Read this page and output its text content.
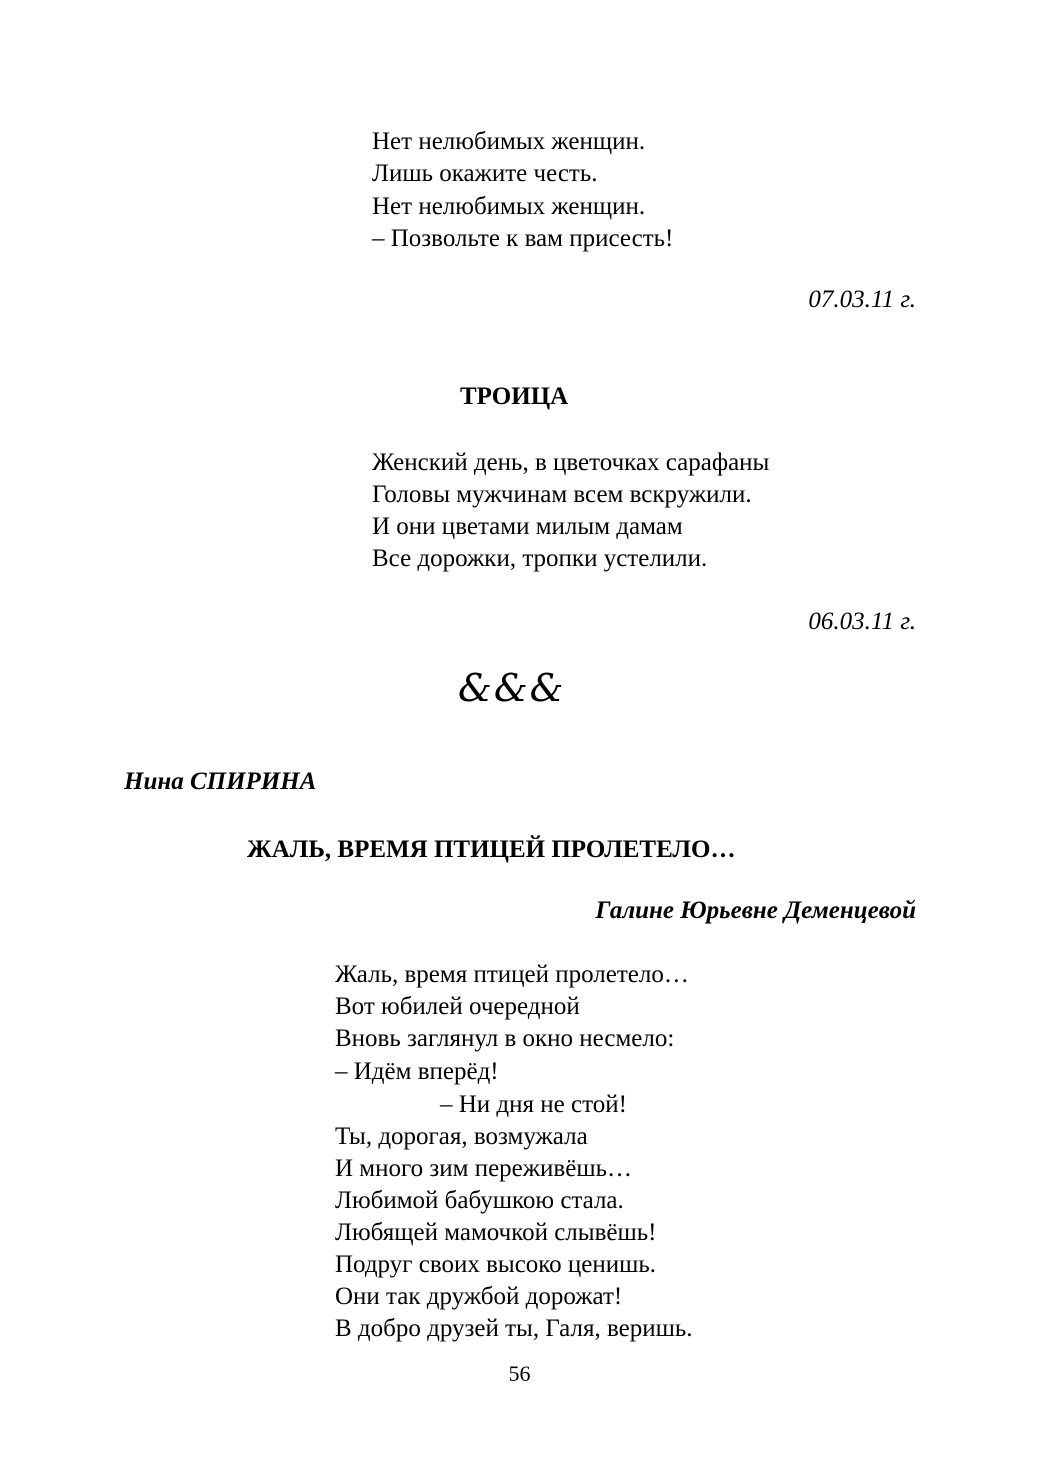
Нет нелюбимых женщин.
Лишь окажите честь.
Нет нелюбимых женщин.
– Позвольте к вам присесть!
07.03.11 г.
ТРОИЦА
Женский день, в цветочках сарафаны
Головы мужчинам всем вскружили.
И они цветами милым дамам
Все дорожки, тропки устелили.
06.03.11 г.
&&&
Нина СПИРИНА
ЖАЛЬ, ВРЕМЯ ПТИЦЕЙ ПРОЛЕТЕЛО…
Галине Юрьевне Деменцевой
Жаль, время птицей пролетело…
Вот юбилей очередной
Вновь заглянул в окно несмело:
– Идём вперёд!
– Ни дня не стой!
Ты, дорогая, возмужала
И много зим переживёшь…
Любимой бабушкою стала.
Любящей мамочкой слывёшь!
Подруг своих высоко ценишь.
Они так дружбой дорожат!
В добро друзей ты, Галя, веришь.
56
